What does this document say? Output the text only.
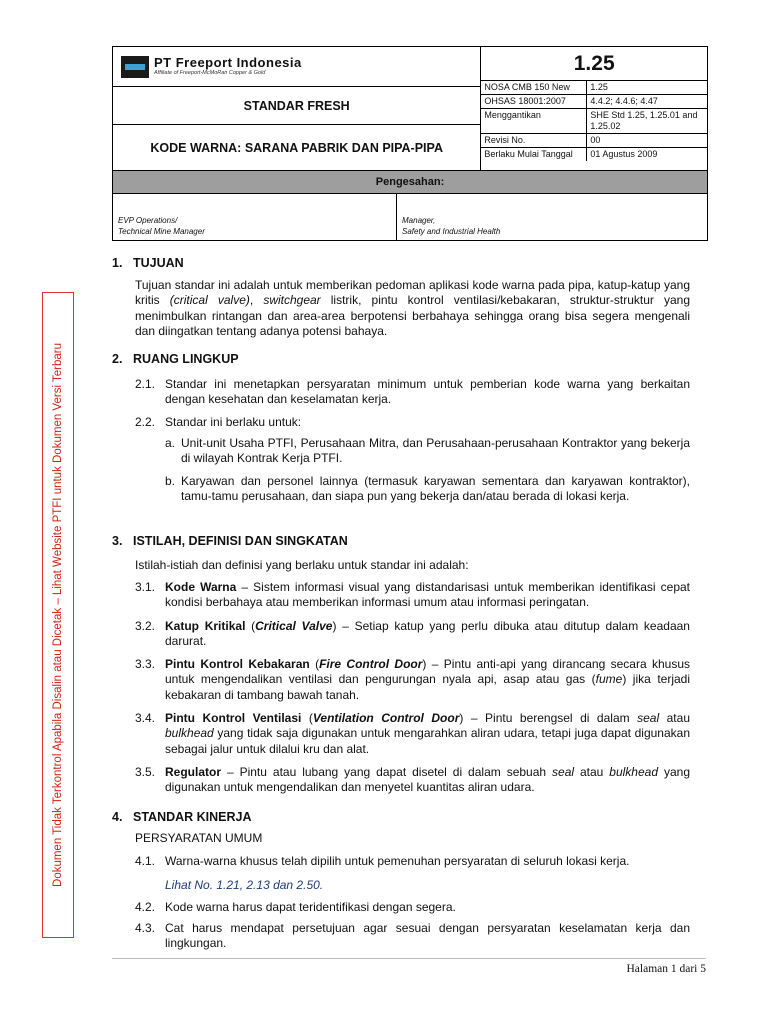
PT Freeport Indonesia
Affiliate of Freeport-McMoRan Copper & Gold
STANDAR FRESH
KODE WARNA: SARANA PABRIK DAN PIPA-PIPA
1.25
NOSA CMB 150 New	1.25
OHSAS 18001:2007	4.4.2; 4.4.6; 4.47
Menggantikan	SHE Std 1.25, 1.25.01 and 1.25.02
Revisi No.	00
Berlaku Mulai Tanggal	01 Agustus 2009
Pengesahan:
EVP Operations/
Technical Mine Manager
Manager,
Safety and Industrial Health
Dokumen Tidak Terkontrol Apabila Disalin atau Dicetak – Lihat Website PTFI untuk Dokumen Versi Terbaru
1. TUJUAN
Tujuan standar ini adalah untuk memberikan pedoman aplikasi kode warna pada pipa, katup-katup yang kritis (critical valve), switchgear listrik, pintu kontrol ventilasi/kebakaran, struktur-struktur yang menimbulkan rintangan dan area-area berpotensi berbahaya sehingga orang bisa segera mengenali dan diingatkan tentang adanya potensi bahaya.
2. RUANG LINGKUP
2.1. Standar ini menetapkan persyaratan minimum untuk pemberian kode warna yang berkaitan dengan kesehatan dan keselamatan kerja.
2.2. Standar ini berlaku untuk:
a. Unit-unit Usaha PTFI, Perusahaan Mitra, dan Perusahaan-perusahaan Kontraktor yang bekerja di wilayah Kontrak Kerja PTFI.
b. Karyawan dan personel lainnya (termasuk karyawan sementara dan karyawan kontraktor), tamu-tamu perusahaan, dan siapa pun yang bekerja dan/atau berada di lokasi kerja.
3. ISTILAH, DEFINISI DAN SINGKATAN
Istilah-istiah dan definisi yang berlaku untuk standar ini adalah:
3.1. Kode Warna – Sistem informasi visual yang distandarisasi untuk memberikan identifikasi cepat kondisi berbahaya atau memberikan informasi umum atau informasi peringatan.
3.2. Katup Kritikal (Critical Valve) – Setiap katup yang perlu dibuka atau ditutup dalam keadaan darurat.
3.3. Pintu Kontrol Kebakaran (Fire Control Door) – Pintu anti-api yang dirancang secara khusus untuk mengendalikan ventilasi dan pengurungan nyala api, asap atau gas (fume) jika terjadi kebakaran di tambang bawah tanah.
3.4. Pintu Kontrol Ventilasi (Ventilation Control Door) – Pintu berengsel di dalam seal atau bulkhead yang tidak saja digunakan untuk mengarahkan aliran udara, tetapi juga dapat digunakan sebagai jalur untuk dilalui kru dan alat.
3.5. Regulator – Pintu atau lubang yang dapat disetel di dalam sebuah seal atau bulkhead yang digunakan untuk mengendalikan dan menyetel kuantitas aliran udara.
4. STANDAR KINERJA
PERSYARATAN UMUM
4.1. Warna-warna khusus telah dipilih untuk pemenuhan persyaratan di seluruh lokasi kerja.
Lihat No. 1.21, 2.13 dan 2.50.
4.2. Kode warna harus dapat teridentifikasi dengan segera.
4.3. Cat harus mendapat persetujuan agar sesuai dengan persyaratan keselamatan kerja dan lingkungan.
Halaman 1 dari 5
